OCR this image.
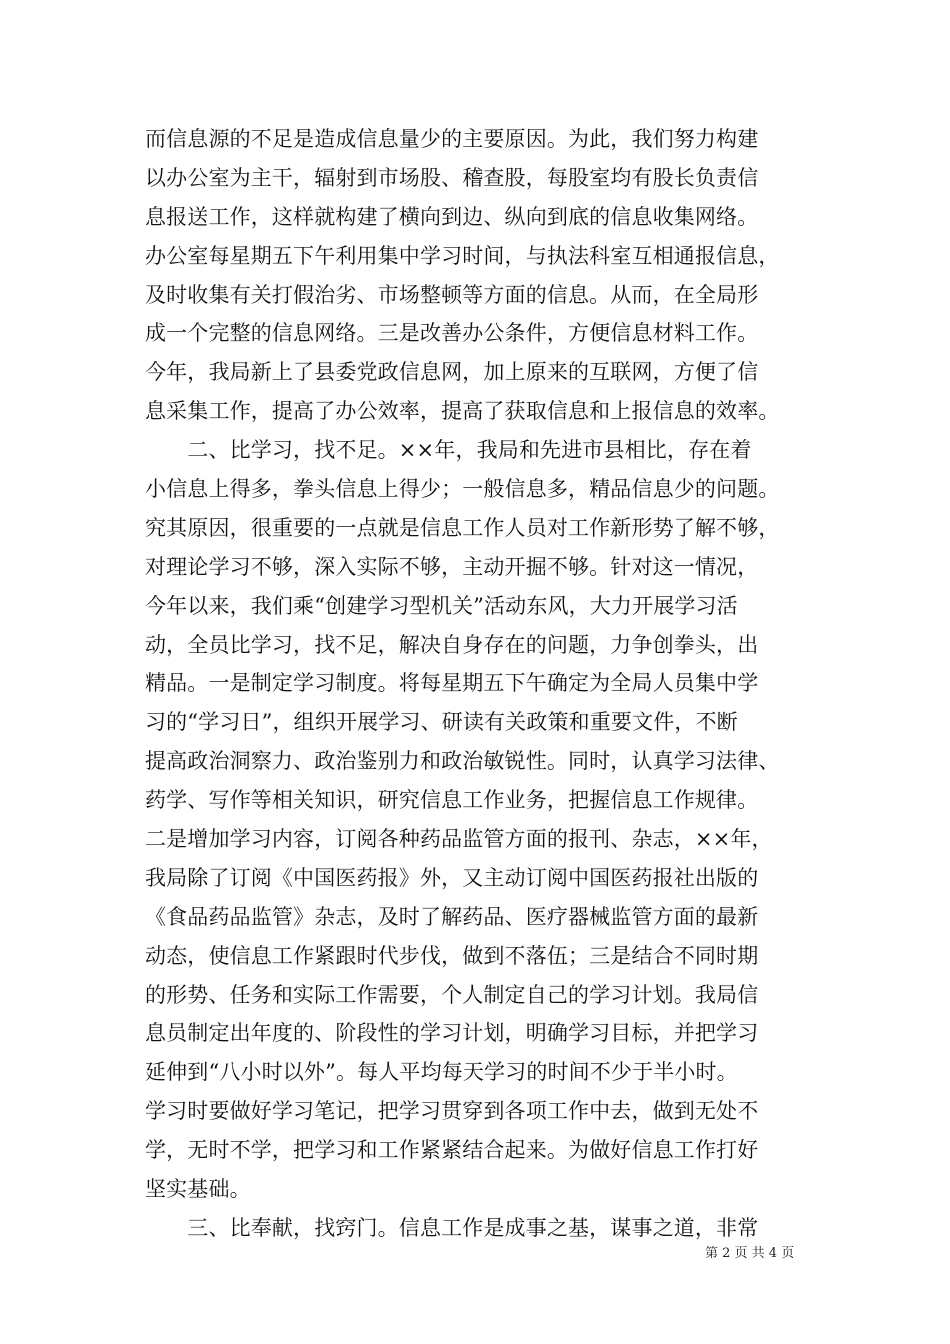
而信息源的不足是造成信息量少的主要原因。为此，我们努力构建
以办公室为主干，辐射到市场股、稽查股，每股室均有股长负责信
息报送工作，这样就构建了横向到边、纵向到底的信息收集网络。
办公室每星期五下午利用集中学习时间，与执法科室互相通报信息，
及时收集有关打假治劣、市场整顿等方面的信息。从而，在全局形
成一个完整的信息网络。三是改善办公条件，方便信息材料工作。
今年，我局新上了县委党政信息网，加上原来的互联网，方便了信
息采集工作，提高了办公效率，提高了获取信息和上报信息的效率。
　　二、比学习，找不足。××年，我局和先进市县相比，存在着
小信息上得多，拳头信息上得少；一般信息多，精品信息少的问题。
究其原因，很重要的一点就是信息工作人员对工作新形势了解不够，
对理论学习不够，深入实际不够，主动开掘不够。针对这一情况，
今年以来，我们乘“创建学习型机关”活动东风，大力开展学习活
动，全员比学习，找不足，解决自身存在的问题，力争创拳头，出
精品。一是制定学习制度。将每星期五下午确定为全局人员集中学
习的“学习日”，组织开展学习、研读有关政策和重要文件，不断
提高政治洞察力、政治鉴别力和政治敏锐性。同时，认真学习法律、
药学、写作等相关知识，研究信息工作业务，把握信息工作规律。
二是增加学习内容，订阅各种药品监管方面的报刊、杂志，××年，
我局除了订阅《中国医药报》外，又主动订阅中国医药报社出版的
《食品药品监管》杂志，及时了解药品、医疗器械监管方面的最新
动态，使信息工作紧跟时代步伐，做到不落伍；三是结合不同时期
的形势、任务和实际工作需要，个人制定自己的学习计划。我局信
息员制定出年度的、阶段性的学习计划，明确学习目标，并把学习
延伸到“八小时以外”。每人平均每天学习的时间不少于半小时。
学习时要做好学习笔记，把学习贯穿到各项工作中去，做到无处不
学，无时不学，把学习和工作紧紧结合起来。为做好信息工作打好
坚实基础。
　　三、比奉献，找窍门。信息工作是成事之基，谋事之道，非常
第 2 页 共 4 页
